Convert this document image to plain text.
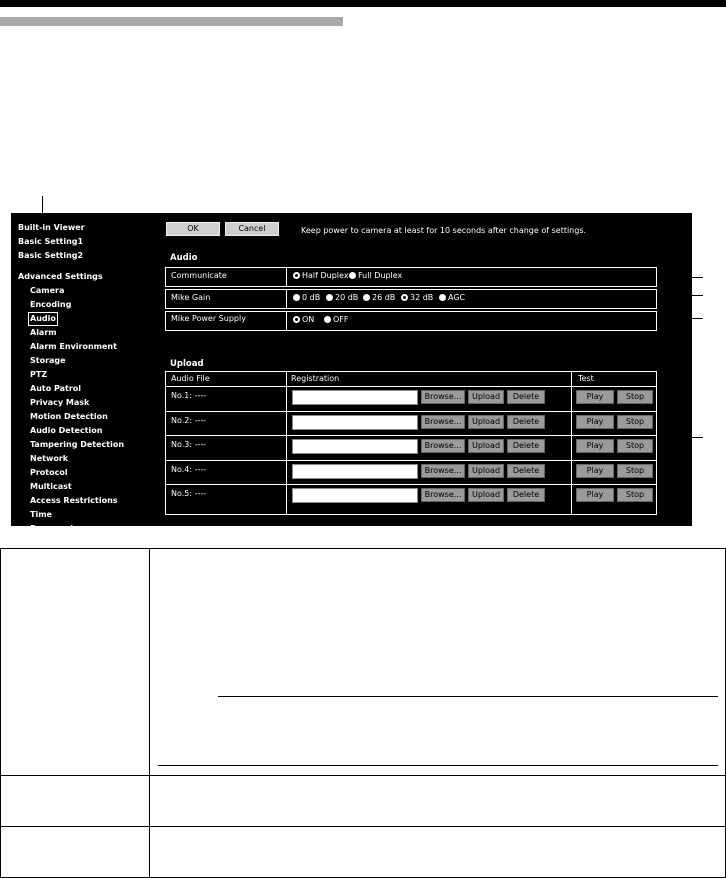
Built-in Viewer
Basic Setting1
Basic Setting2
Advanced Settings
Camera
Encoding
Audio
Alarm
Alarm Environment
Storage
PTZ
Auto Patrol
Privacy Mask
Motion Detection
Audio Detection
Tampering Detection
Network
Protocol
Multicast
Access Restrictions
Time
Password
OK	Cancel	Keep power to camera at least for 10 seconds after change of settings.
Audio
Communicate	Half Duplex Full Duplex
Mike Gain	0 dB 20 dB 26 dB 32 dB AGC
Mike Power Supply	ON OFF
Upload
Audio File	Registration	Test
No.1: ----	Browse...	Upload	Delete	Play	Stop
No.2: ----	Browse...	Upload	Delete	Play	Stop
No.3: ----	Browse...	Upload	Delete	Play	Stop
No.4: ----	Browse...	Upload	Delete	Play	Stop
No.5: ----	Browse...	Upload	Delete	Play	Stop
